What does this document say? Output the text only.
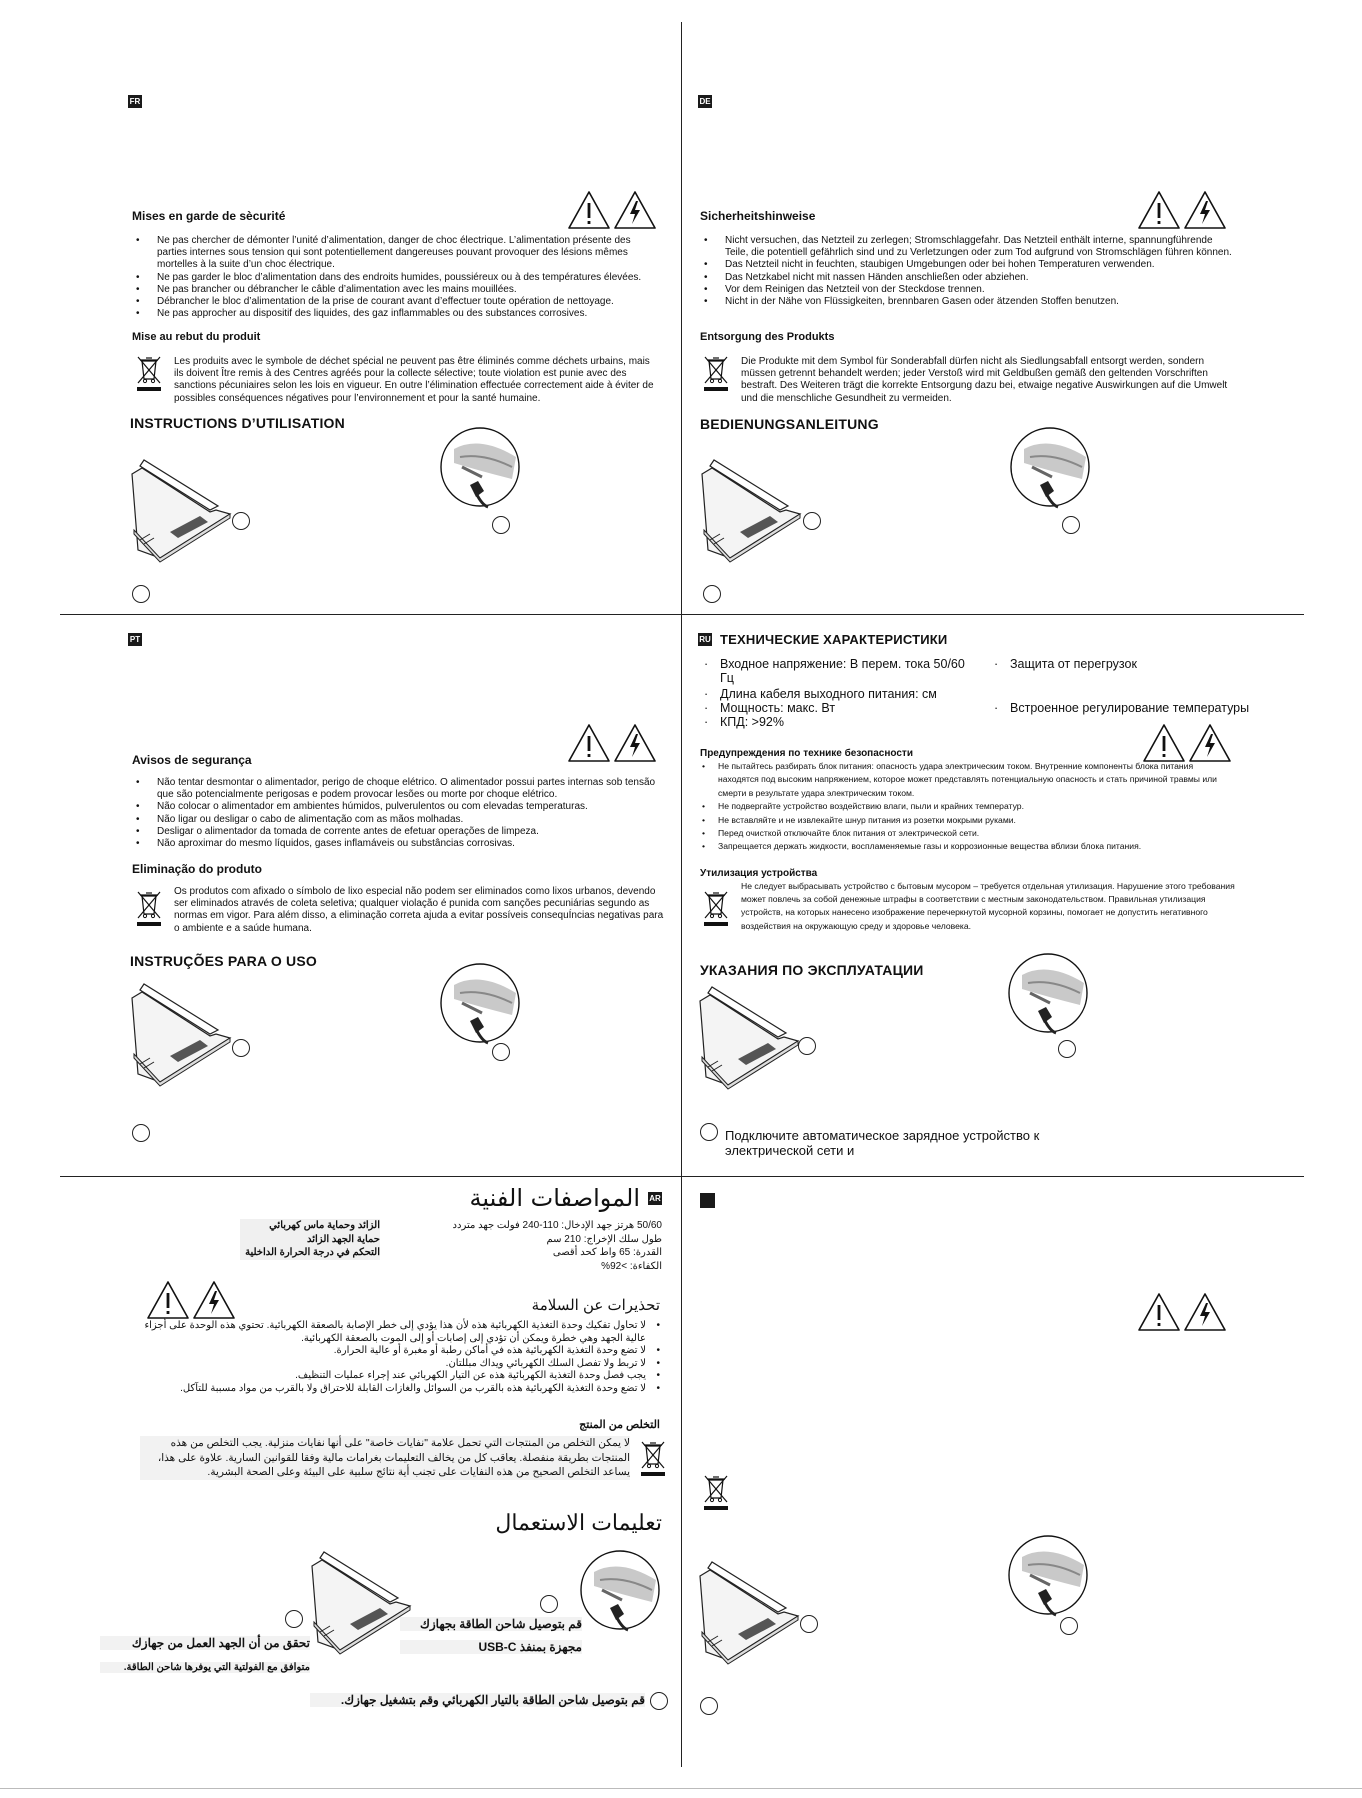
FR
Mises en garde de sècurité
• Ne pas chercher de démonter l’unité d’alimentation, danger de choc électrique. L’alimentation présente des parties internes sous tension qui sont potentiellement dangereuses pouvant provoquer des lésions mêmes mortelles à la suite d’un choc électrique.
• Ne pas garder le bloc d’alimentation dans des endroits humides, poussiéreux ou à des températures élevées.
• Ne pas brancher ou débrancher le câble d’alimentation avec les mains mouillées.
• Débrancher le bloc d’alimentation de la prise de courant avant d’effectuer toute opération de nettoyage.
• Ne pas approcher au dispositif des liquides, des gaz inflammables ou des substances corrosives.
Mise au rebut du produit
Les produits avec le symbole de déchet spécial ne peuvent pas être éliminés comme déchets urbains, mais ils doivent Ître remis à des Centres agréés pour la collecte sélective; toute violation est punie avec des sanctions pécuniaires selon les lois en vigueur. En outre l’élimination effectuée correctement aide à éviter de possibles conséquences négatives pour l’environnement et pour la santé humaine.
INSTRUCTIONS D’UTILISATION
DE
Sicherheitshinweise
• Nicht versuchen, das Netzteil zu zerlegen; Stromschlaggefahr. Das Netzteil enthält interne, spannungführende Teile, die potentiell gefährlich sind und zu Verletzungen oder zum Tod aufgrund von Stromschlägen führen können.
• Das Netzteil nicht in feuchten, staubigen Umgebungen oder bei hohen Temperaturen verwenden.
• Das Netzkabel nicht mit nassen Händen anschließen oder abziehen.
• Vor dem Reinigen das Netzteil von der Steckdose trennen.
• Nicht in der Nähe von Flüssigkeiten, brennbaren Gasen oder ätzenden Stoffen benutzen.
Entsorgung des Produkts
Die Produkte mit dem Symbol für Sonderabfall dürfen nicht als Siedlungsabfall entsorgt werden, sondern müssen getrennt behandelt werden; jeder Verstoß wird mit Geldbußen gemäß den geltenden Vorschriften bestraft. Des Weiteren trägt die korrekte Entsorgung dazu bei, etwaige negative Auswirkungen auf die Umwelt und die menschliche Gesundheit zu vermeiden.
BEDIENUNGSANLEITUNG
PT
Avisos de segurança
• Não tentar desmontar o alimentador, perigo de choque elétrico. O alimentador possui partes internas sob tensão que são potencialmente perigosas e podem provocar lesões ou morte por choque elétrico.
• Não colocar o alimentador em ambientes húmidos, pulverulentos ou com elevadas temperaturas.
• Não ligar ou desligar o cabo de alimentação com as mãos molhadas.
• Desligar o alimentador da tomada de corrente antes de efetuar operações de limpeza.
• Não aproximar do mesmo líquidos, gases inflamáveis ou substâncias corrosivas.
Eliminação do produto
Os produtos com afixado o símbolo de lixo especial não podem ser eliminados como lixos urbanos, devendo ser eliminados através de coleta seletiva; qualquer violação é punida com sanções pecuniárias segundo as normas em vigor. Para além disso, a eliminação correta ajuda a evitar possíveis consequÍncias negativas para o ambiente e a saúde humana.
INSTRUÇÕES PARA O USO
RU ТЕХНИЧЕСКИЕ ХАРАКТЕРИСТИКИ
· Входное напряжение: В перем. тока 50/60 Гц
· Длина кабеля выходного питания: см
· Мощность: макс. Вт
· КПД: >92%
· Защита от перегрузок
· Встроенное регулирование температуры
Предупреждения по технике безопасности
• Не пытайтесь разбирать блок питания: опасность удара электрическим током. Внутренние компоненты блока питания находятся под высоким напряжением, которое может представлять потенциальную опасность и стать причиной травмы или смерти в результате удара электрическим током.
• Не подвергайте устройство воздействию влаги, пыли и крайних температур.
• Не вставляйте и не извлекайте шнур питания из розетки мокрыми руками.
• Перед очисткой отключайте блок питания от электрической сети.
• Запрещается держать жидкости, воспламеняемые газы и коррозионные вещества вблизи блока питания.
Утилизация устройства
Не следует выбрасывать устройство с бытовым мусором – требуется отдельная утилизация. Нарушение этого требования может повлечь за собой денежные штрафы в соответствии с местным законодательством. Правильная утилизация устройств, на которых нанесено изображение перечеркнутой мусорной корзины, помогает не допустить негативного воздействия на окружающую среду и здоровье человека.
УКАЗАНИЯ ПО ЭКСПЛУАТАЦИИ
Подключите автоматическое зарядное устройство к электрической сети и
AR
المواصفات الفنية
50/60 هرتز جهد الإدخال: 110-240 فولت جهد متردد
طول سلك الإخراج: 210 سم
القدرة: 65 واط كحد أقصى
الكفاءة: >92%
الزائد وحماية ماس كهربائي
حماية الجهد الزائد
التحكم في درجة الحرارة الداخلية
تحذيرات عن السلامة
• لا تحاول تفكيك وحدة التغذية الكهربائية هذه لأن هذا يؤدي إلى خطر الإصابة بالصعقة الكهربائية. تحتوي هذه الوحدة على أجزاء عالية الجهد وهي خطرة ويمكن أن تؤدي إلى إصابات أو إلى الموت بالصعقة الكهربائية.
• لا تضع وحدة التغذية الكهربائية هذه في أماكن رطبة أو مغبرة أو عالية الحرارة.
• لا تربط ولا تفصل السلك الكهربائي ويداك مبللتان.
• يجب فصل وحدة التغذية الكهربائية هذه عن التيار الكهربائي عند إجراء عمليات التنظيف.
• لا تضع وحدة التغذية الكهربائية هذه بالقرب من السوائل والغازات القابلة للاحتراق ولا بالقرب من مواد مسببة للتآكل.
التخلص من المنتج
لا يمكن التخلص من المنتجات التي تحمل علامة "نفايات خاصة" على أنها نفايات منزلية. يجب التخلص من هذه المنتجات بطريقة منفصلة. يعاقب كل من يخالف التعليمات بغرامات مالية وفقا للقوانين السارية. علاوة على هذا، يساعد التخلص الصحيح من هذه النفايات على تجنب أية نتائج سلبية على البيئة وعلى الصحة البشرية.
تعليمات الاستعمال
قم بتوصيل شاحن الطاقة بجهازك
مجهزة بمنفذ USB-C
تحقق من أن الجهد العمل من جهازك
متوافق مع الفولتية التي يوفرها شاحن الطاقة.
قم بتوصيل شاحن الطاقة بالتيار الكهربائي وقم بتشغيل جهازك.
